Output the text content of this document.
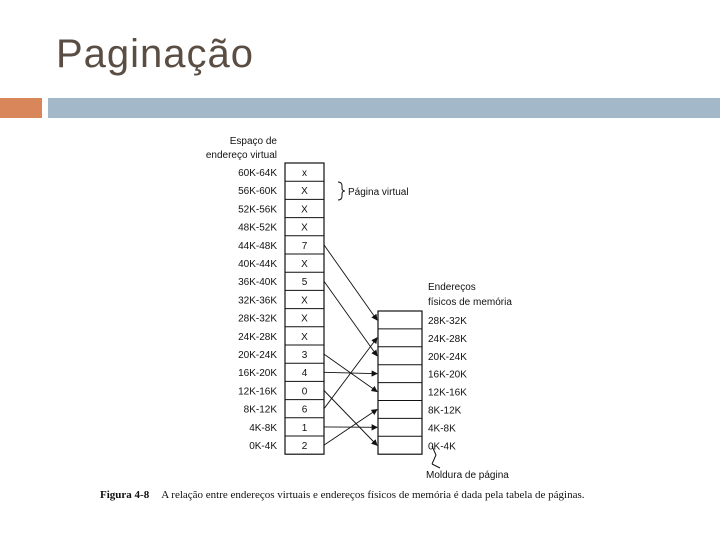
Paginação
Espaço de
endereço virtual
60K-64K	x
56K-60K X
52K-56K X
48K-52K X
44K-48K 7
40K-44K X
36K-40K 5
32K-36K X
28K-32K X
24K-28K X
20K-24K 3
16K-20K 4
12K-16K 0
8K-12K 6
4K-8K 1
0K-4K 2
Endereços
físicos de memória
28K-32K
24K-28K
20K-24K
16K-20K
12K-16K
8K-12K
4K-8K
0K-4K
Página virtual
Moldura de página
Figura 4-8 A relação entre endereços virtuais e endereços físicos de memória é dada pela tabela de páginas.
